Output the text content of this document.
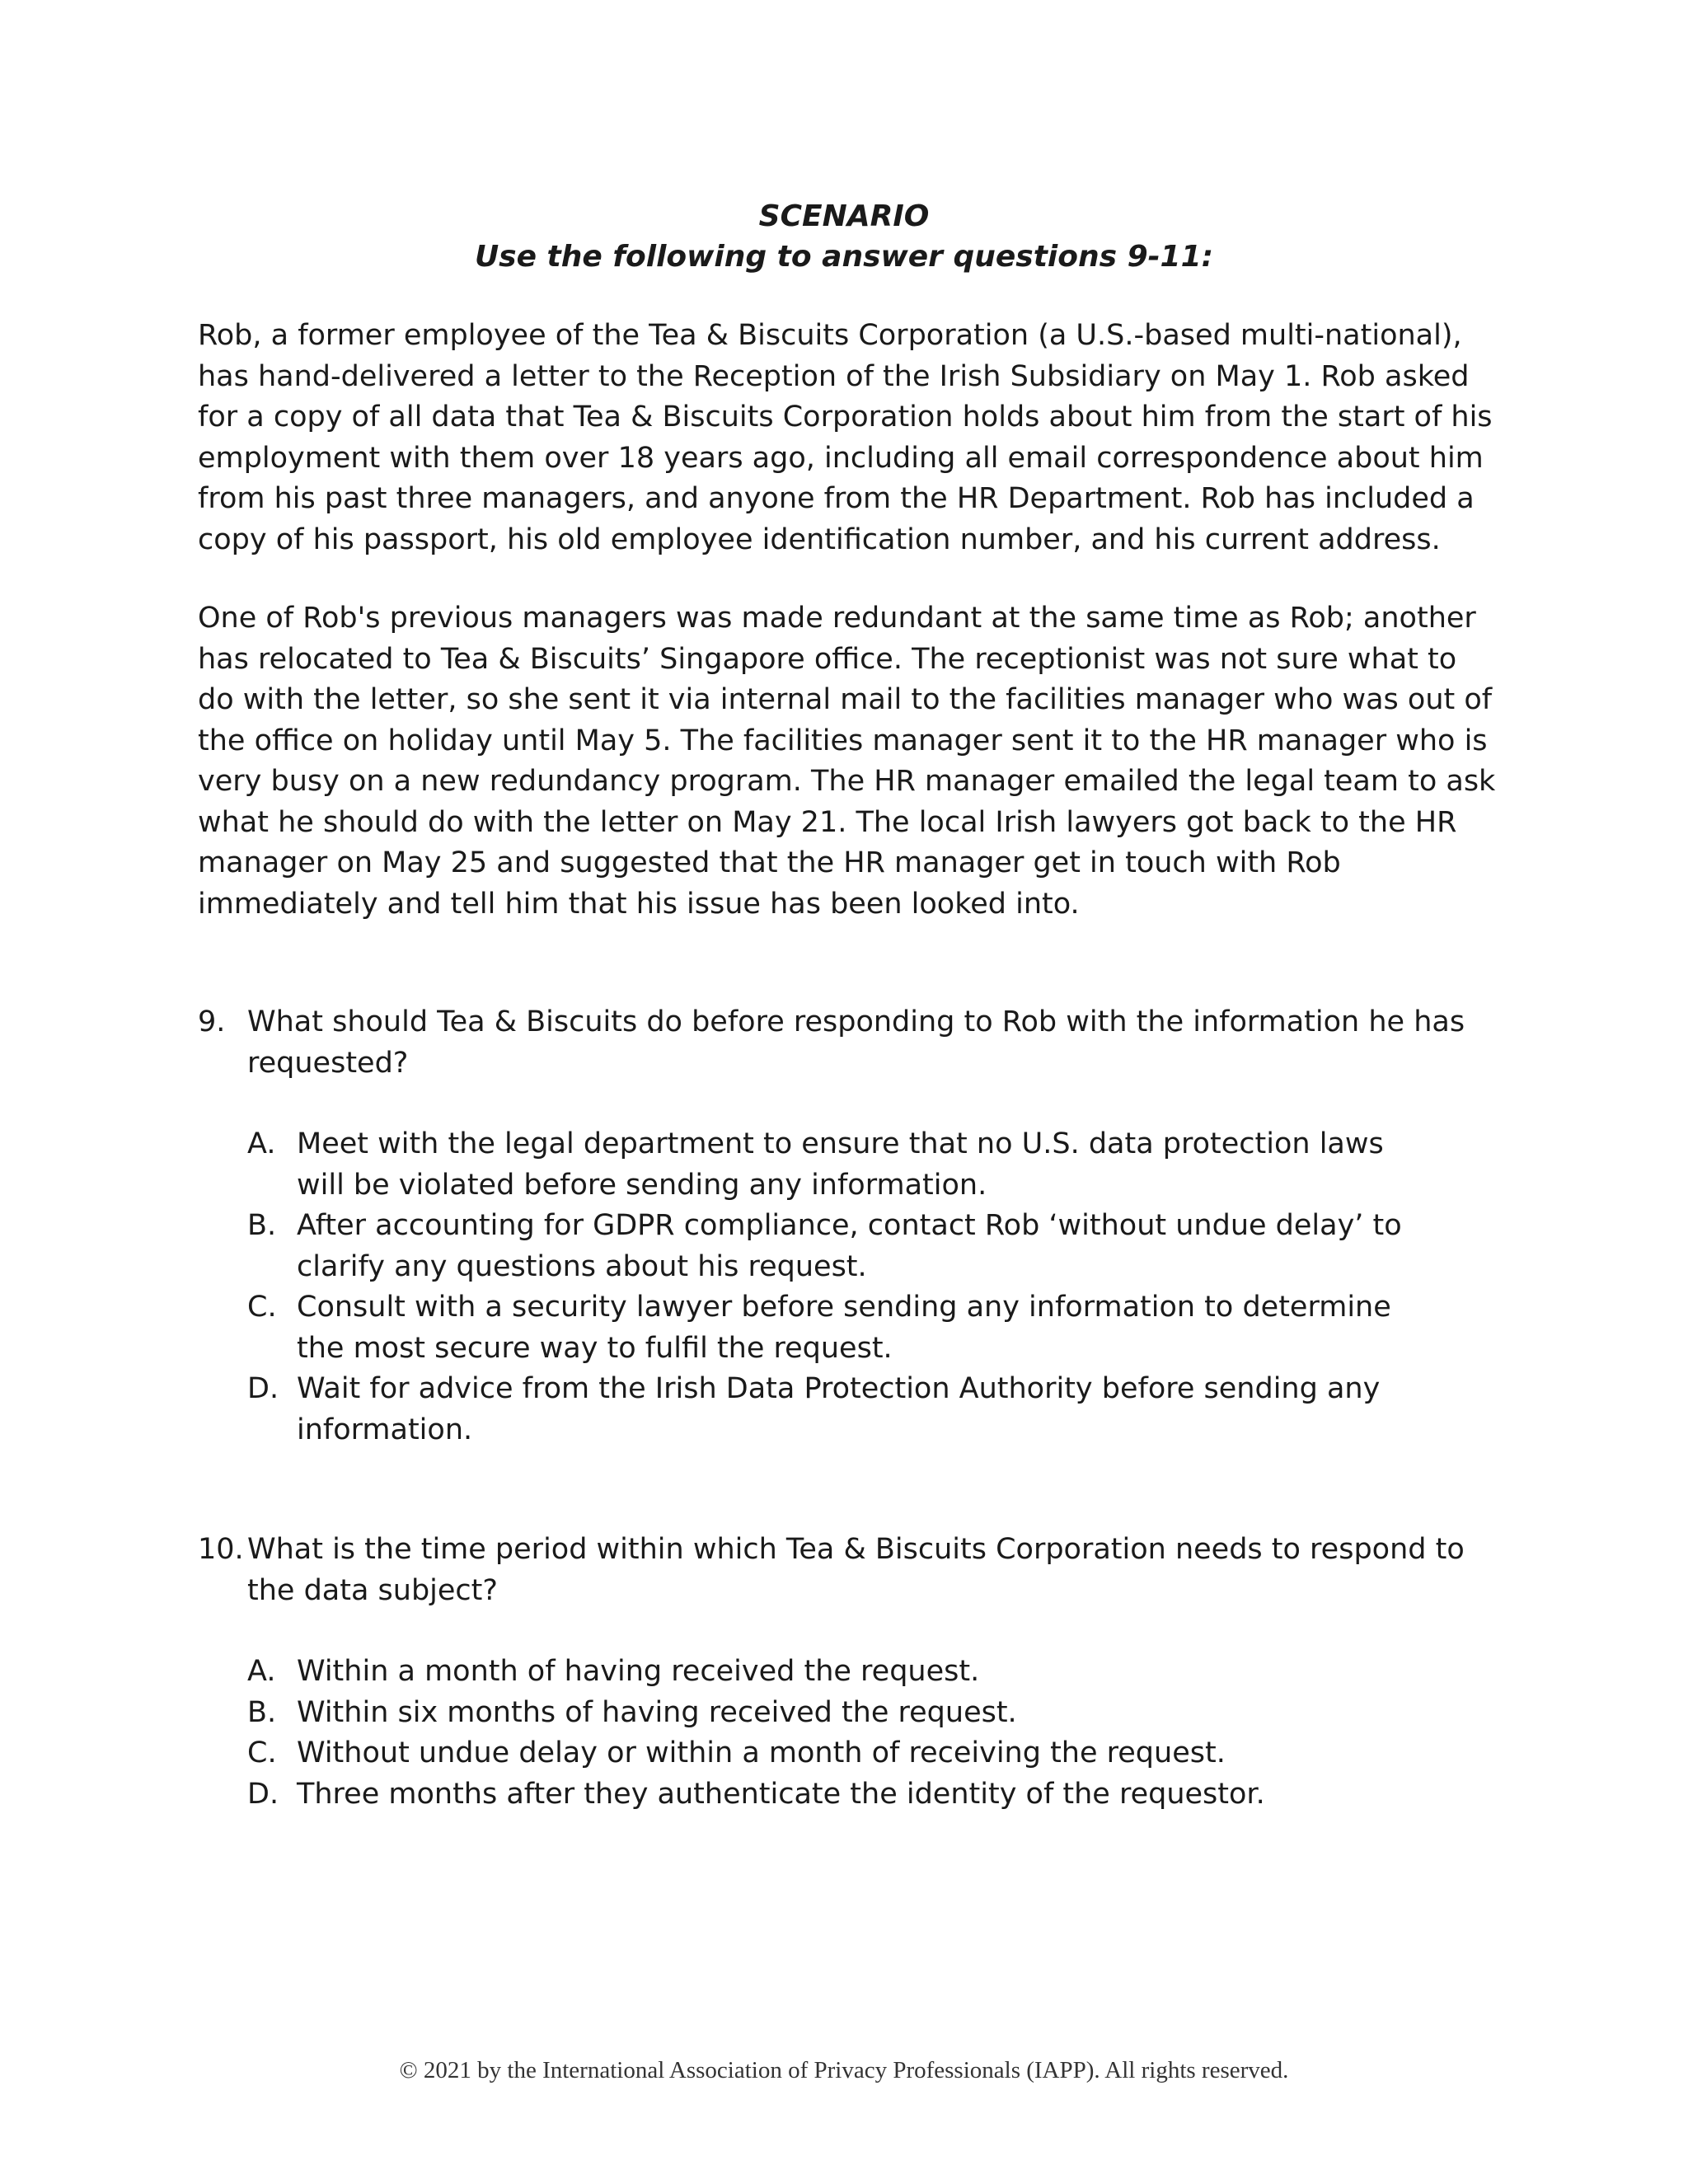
SCENARIO

Use the following to answer questions 9-11:

Rob, a former employee of the Tea & Biscuits Corporation (a U.S.-based multi-national), has hand-delivered a letter to the Reception of the Irish Subsidiary on May 1. Rob asked for a copy of all data that Tea & Biscuits Corporation holds about him from the start of his employment with them over 18 years ago, including all email correspondence about him from his past three managers, and anyone from the HR Department. Rob has included a copy of his passport, his old employee identification number, and his current address.

One of Rob's previous managers was made redundant at the same time as Rob; another has relocated to Tea & Biscuits’ Singapore office. The receptionist was not sure what to do with the letter, so she sent it via internal mail to the facilities manager who was out of the office on holiday until May 5. The facilities manager sent it to the HR manager who is very busy on a new redundancy program. The HR manager emailed the legal team to ask what he should do with the letter on May 21. The local Irish lawyers got back to the HR manager on May 25 and suggested that the HR manager get in touch with Rob immediately and tell him that his issue has been looked into.

9. What should Tea & Biscuits do before responding to Rob with the information he has requested?
A. Meet with the legal department to ensure that no U.S. data protection laws will be violated before sending any information.
B. After accounting for GDPR compliance, contact Rob ‘without undue delay’ to clarify any questions about his request.
C. Consult with a security lawyer before sending any information to determine the most secure way to fulfil the request.
D. Wait for advice from the Irish Data Protection Authority before sending any information.
10. What is the time period within which Tea & Biscuits Corporation needs to respond to the data subject?
A. Within a month of having received the request.
B. Within six months of having received the request.
C. Without undue delay or within a month of receiving the request.
D. Three months after they authenticate the identity of the requestor.
© 2021 by the International Association of Privacy Professionals (IAPP). All rights reserved.
